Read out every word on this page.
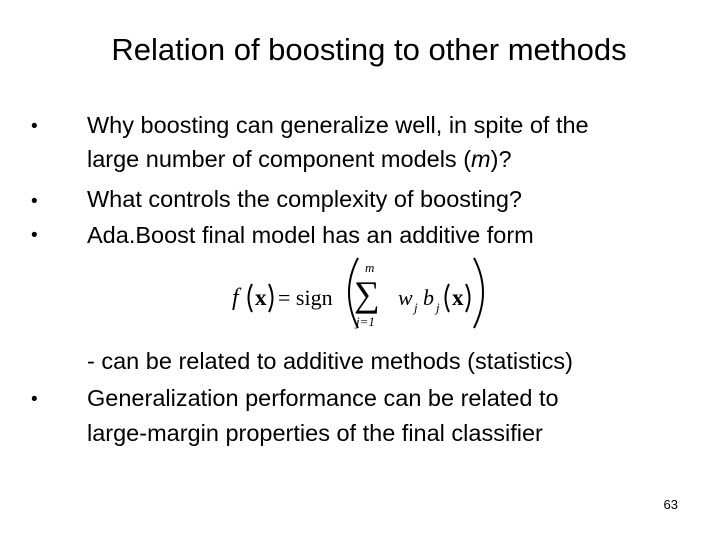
Relation of boosting to other methods
•
•
•
•
Why boosting can generalize well, in spite of the
large number of component models (m)?
What controls the complexity of boosting?
Ada.Boost final model has an additive form
f x = sign
m
∑
j=1
w j b j x
- can be related to additive methods (statistics)
Generalization performance can be related to
large-margin properties of the final classifier
63
